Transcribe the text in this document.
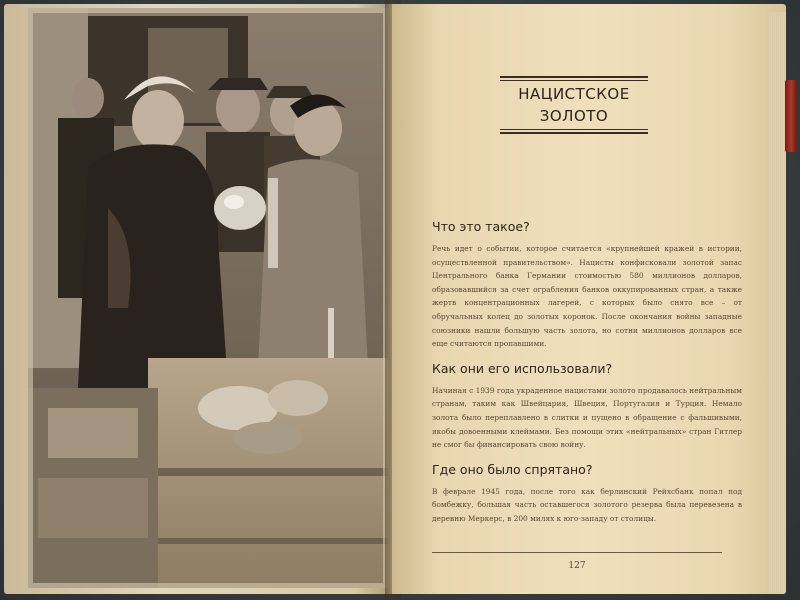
НАЦИСТСКОЕ
ЗОЛОТО
Что это такое?
Речь идет о событии, которое считается «крупнейшей кражей в истории, осуществленной правительством». Нацисты конфисковали золотой запас Центрального банка Германии стоимостью 580 миллионов долларов, образовавшийся за счет ограбления банков оккупированных стран, а также жертв концентрационных лагерей, с которых было снято все – от обручальных колец до золотых коронок. После окончания войны западные союзники нашли большую часть золота, но сотни миллионов долларов все еще считаются пропавшими.
Как они его использовали?
Начиная с 1939 года украденное нацистами золото продавалось нейтральным странам, таким как Швейцария, Швеция, Португалия и Турция. Немало золота было переплавлено в слитки и пущено в обращение с фальшивыми, якобы довоенными клеймами. Без помощи этих «нейтральных» стран Гитлер не смог бы финансировать свою войну.
Где оно было спрятано?
В феврале 1945 года, после того как берлинский Рейхсбанк попал под бомбежку, большая часть оставшегося золотого резерва была перевезена в деревню Меркерс, в 200 милях к юго-западу от столицы.
127
